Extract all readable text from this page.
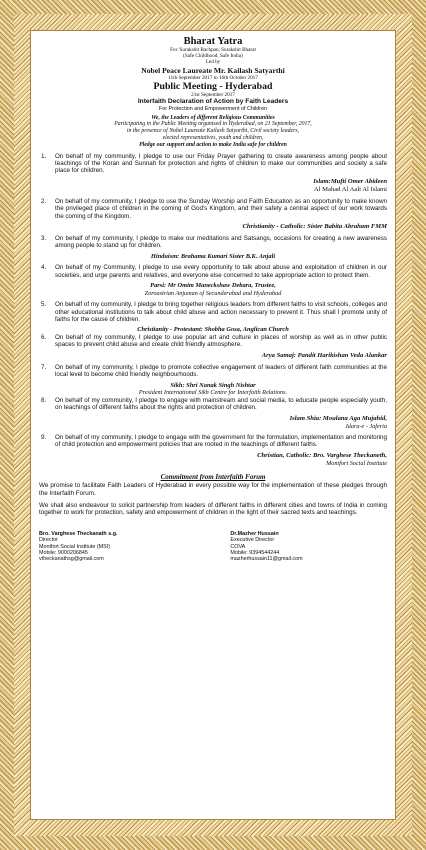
Bharat Yatra
For 'Surakshit Bachpan, Surakshit Bharat
(Safe Childhood, Safe India)
Led by
Nobel Peace Laureate Mr. Kailash Satyarthi
11th September 2017 to 16th October 2017
Public Meeting - Hyderabad
21st September 2017
Interfaith Declaration of Action by Faith Leaders
For Protection and Empowerment of Children
We, the Leaders of different Religious Communities
Participating in the Public Meeting organised in Hyderabad, on 21 September, 2017,
in the presence of Nobel Laureate Kailash Satyarthi, Civil society leaders,
elected representatives, youth and children,
Pledge our support and action to make India safe for children
1.	On behalf of my community, I pledge to use our Friday Prayer gathering to create awareness among people about teachings of the Koran and Sunnah for protection and rights of children to make our communities and society a safe place for children.
Islam:Mufti Omer Abideen
Al Mahad Al Aali Al Islami
2.	On behalf of my community, I pledge to use the Sunday Worship and Faith Education as an opportunity to make known the privileged place of children in the coming of God's Kingdom, and their safety a central aspect of our work towards the coming of the Kingdom.
Christianity - Catholic: Sister Babita Abraham FMM
3.	On behalf of my community, I pledge to make our meditations and Satsangs, occasions for creating a new awareness among people to stand up for children.
Hinduism: Brahama Kumari Sister B.K. Anjali
4.	On behalf of my Community, I pledge to use every opportunity to talk about abuse and exploitation of children in our societies, and urge parents and relatives, and everyone else concerned to take appropriate action to protect them.
Parsi: Mr Omim Maneckshaw Debara, Trustee,
Zoroastrian Anjuman of Secunderabad and Hyderabad
5.	On behalf of my community, I pledge to bring together religious leaders from different faiths to visit schools, colleges and other educational institutions to talk about child abuse and action necessary to prevent it. Thus shall I promote unity of faiths for the cause of children.
Christianity - Protestant: Shobha Gosa, Anglican Church
6.	On behalf of my community, I pledge to use popular art and culture in places of worship as well as in other public spaces to prevent child abuse and create child friendly atmosphere.
Arya Samaj: Pandit Harikishan Veda Alankar
7.	On behalf of my community, I pledge to promote collective engagement of leaders of different faith communities at the local level to become child friendly neighbourhoods.
Sikh: Shri Nanak Singh Nishtar
President International Sikh Centre for Interfaith Relations.
8.	On behalf of my community, I pledge to engage with mainstream and social media, to educate people especially youth, on teachings of different faiths about the rights and protection of children.
Islam Shia: Moulana Aga Mujahid,
Idara-e - Jaferia
9.	On behalf of my community, I pledge to engage with the government for the formulation, implementation and monitoring of child protection and empowerment policies that are rooted in the teachings of different faiths.
Christian, Catholic: Bro. Varghese Theckaneth,
Montfort Social Institute
Commitment from Interfaith Forum
We promise to facilitate Faith Leaders of Hyderabad in every possible way for the implementation of these pledges through the Interfaith Forum.
We shall also endeavour to solicit partnership from leaders of different faiths in different cities and towns of India in coming together to work for protection, safety and empowerment of children in the light of their sacred texts and teachings.
Bro. Varghese Theckanath s.g.
Director
Montfort Social Institute (MSI)
Mobile: 9000206845
vtheckanathsg@gmail.com
Dr.Mazher Hussain
Executive Director
COVA
Mobile: 9394544244
mazherhussain11@gmail.com
